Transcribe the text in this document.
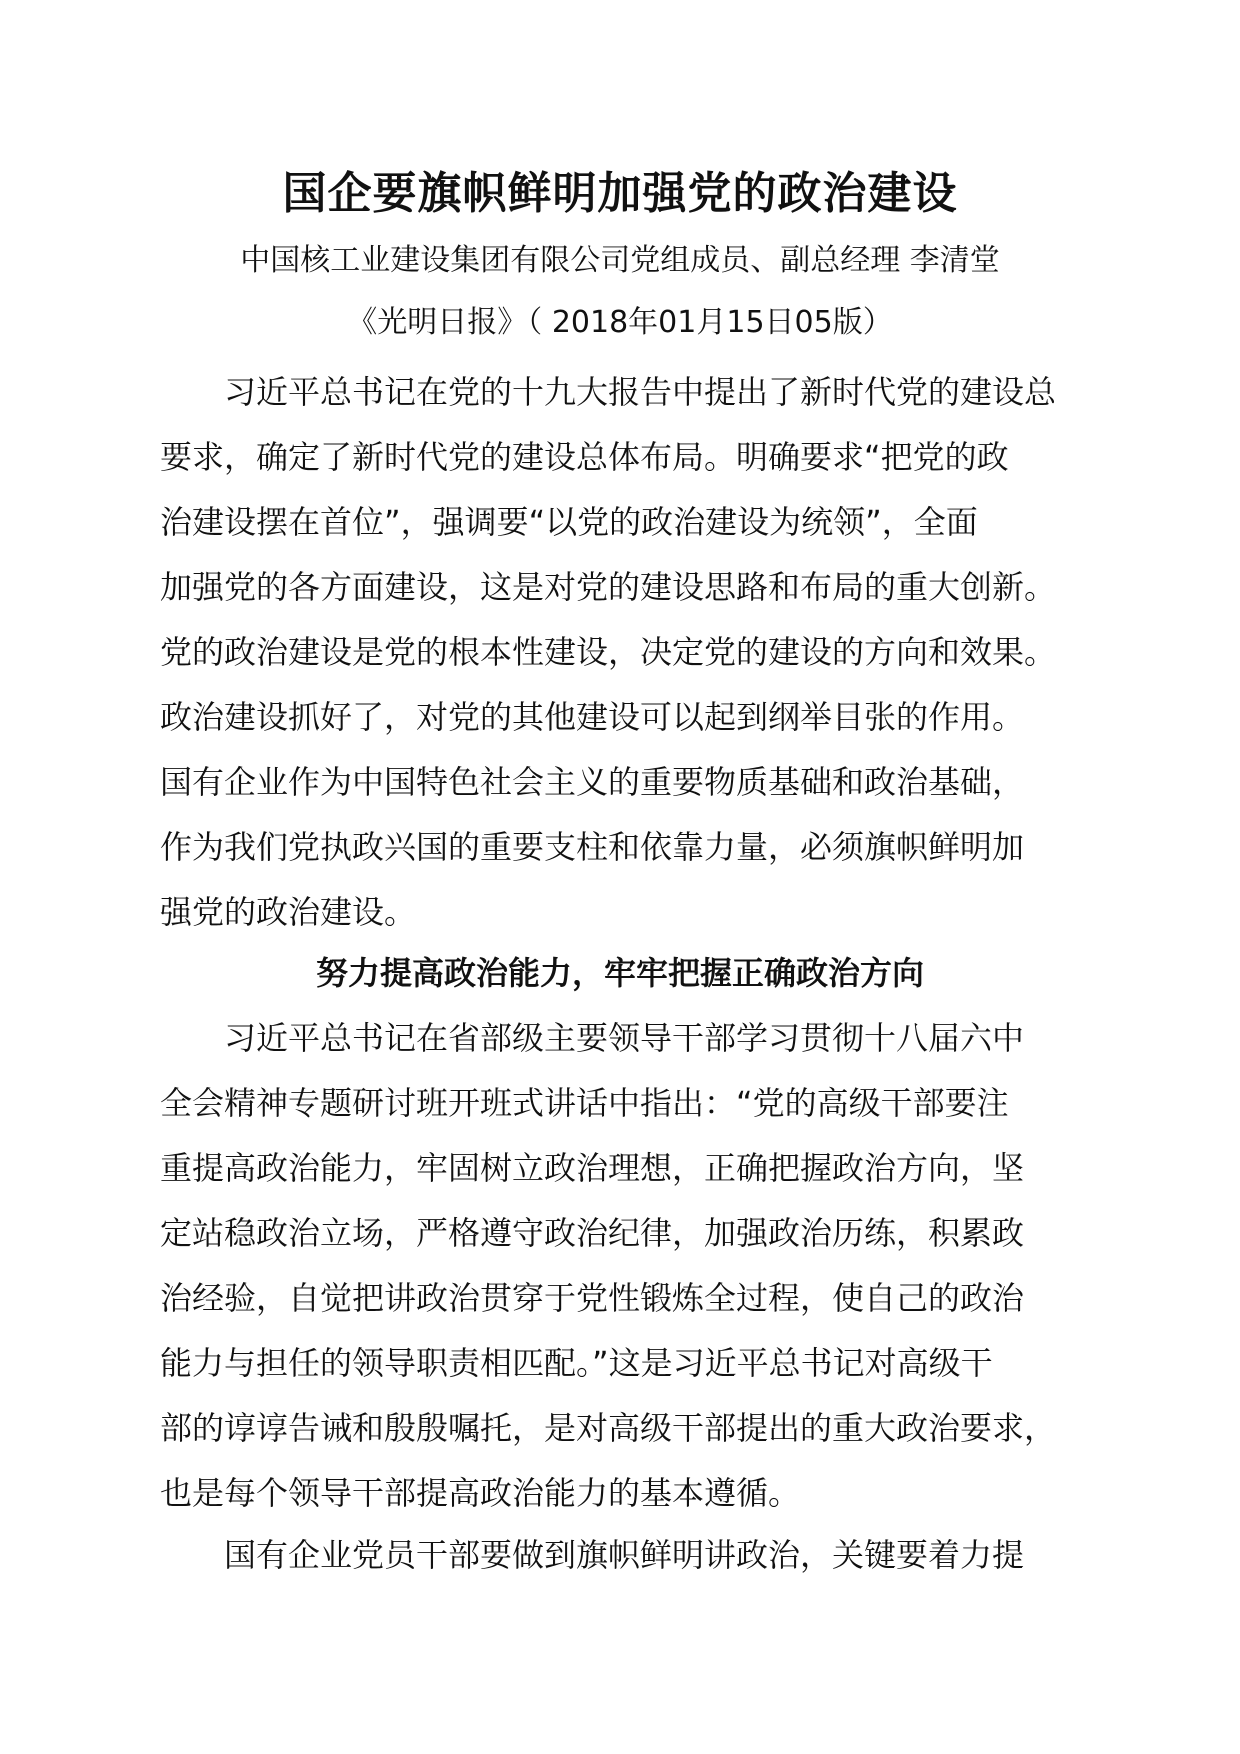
国企要旗帜鲜明加强党的政治建设

中国核工业建设集团有限公司党组成员、副总经理 李清堂

《光明日报》（ 2018年01月15日05版）

习近平总书记在党的十九大报告中提出了新时代党的建设总
要求，确定了新时代党的建设总体布局。明确要求“把党的政
治建设摆在首位”，强调要“以党的政治建设为统领”，全面
加强党的各方面建设，这是对党的建设思路和布局的重大创新。
党的政治建设是党的根本性建设，决定党的建设的方向和效果。
政治建设抓好了，对党的其他建设可以起到纲举目张的作用。
国有企业作为中国特色社会主义的重要物质基础和政治基础，
作为我们党执政兴国的重要支柱和依靠力量，必须旗帜鲜明加
强党的政治建设。
努力提高政治能力，牢牢把握正确政治方向
习近平总书记在省部级主要领导干部学习贯彻十八届六中
全会精神专题研讨班开班式讲话中指出：“党的高级干部要注
重提高政治能力，牢固树立政治理想，正确把握政治方向，坚
定站稳政治立场，严格遵守政治纪律，加强政治历练，积累政
治经验，自觉把讲政治贯穿于党性锻炼全过程，使自己的政治
能力与担任的领导职责相匹配。”这是习近平总书记对高级干
部的谆谆告诫和殷殷嘱托，是对高级干部提出的重大政治要求，
也是每个领导干部提高政治能力的基本遵循。
国有企业党员干部要做到旗帜鲜明讲政治，关键要着力提
